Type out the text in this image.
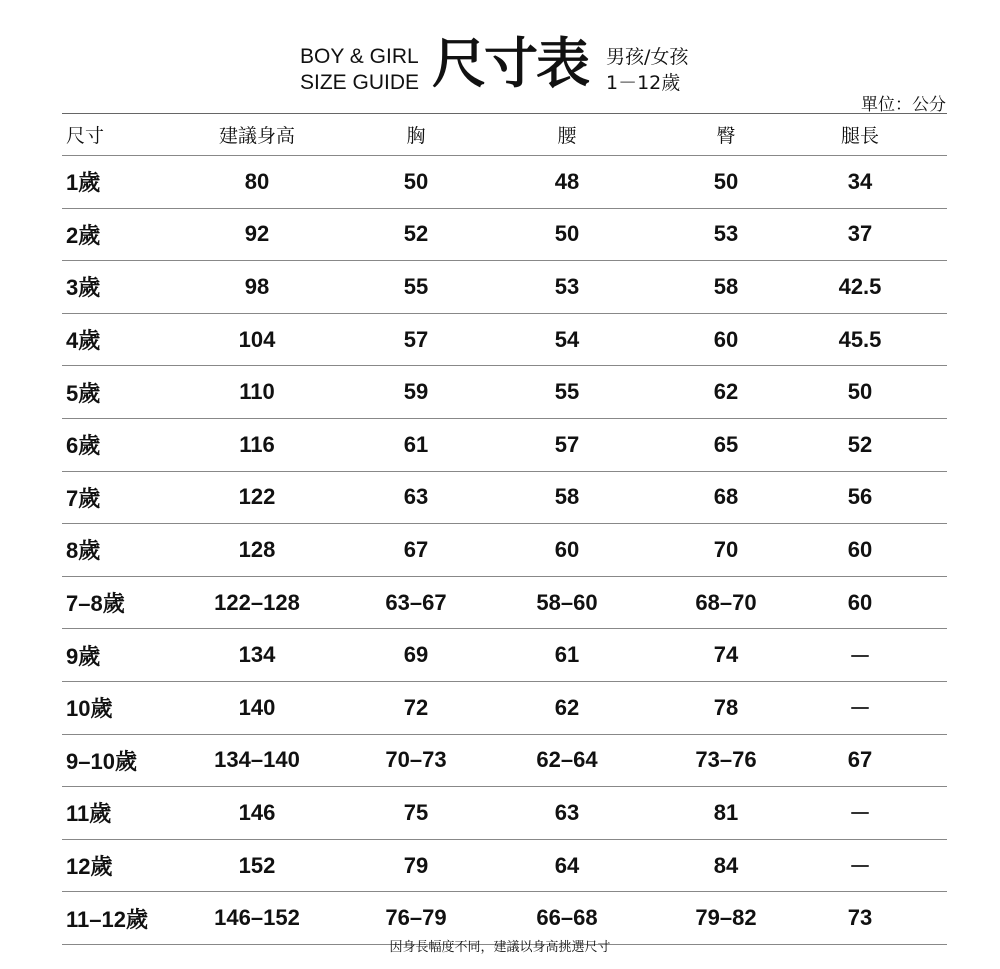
BOY & GIRL
SIZE GUIDE 尺寸表 男孩/女孩
1－12歲
單位：公分
尺寸	建議身高	胸	腰	臀	腿長
1歲	80	50	48	50	34
2歲	92	52	50	53	37
3歲	98	55	53	58	42.5
4歲	104	57	54	60	45.5
5歲	110	59	55	62	50
6歲	116	61	57	65	52
7歲	122	63	58	68	56
8歲	128	67	60	70	60
7–8歲	122–128	63–67	58–60	68–70	60
9歲	134	69	61	74	－
10歲	140	72	62	78	－
9–10歲	134–140	70–73	62–64	73–76	67
11歲	146	75	63	81	－
12歲	152	79	64	84	－
11–12歲	146–152	76–79	66–68	79–82	73
因身長幅度不同，建議以身高挑選尺寸
